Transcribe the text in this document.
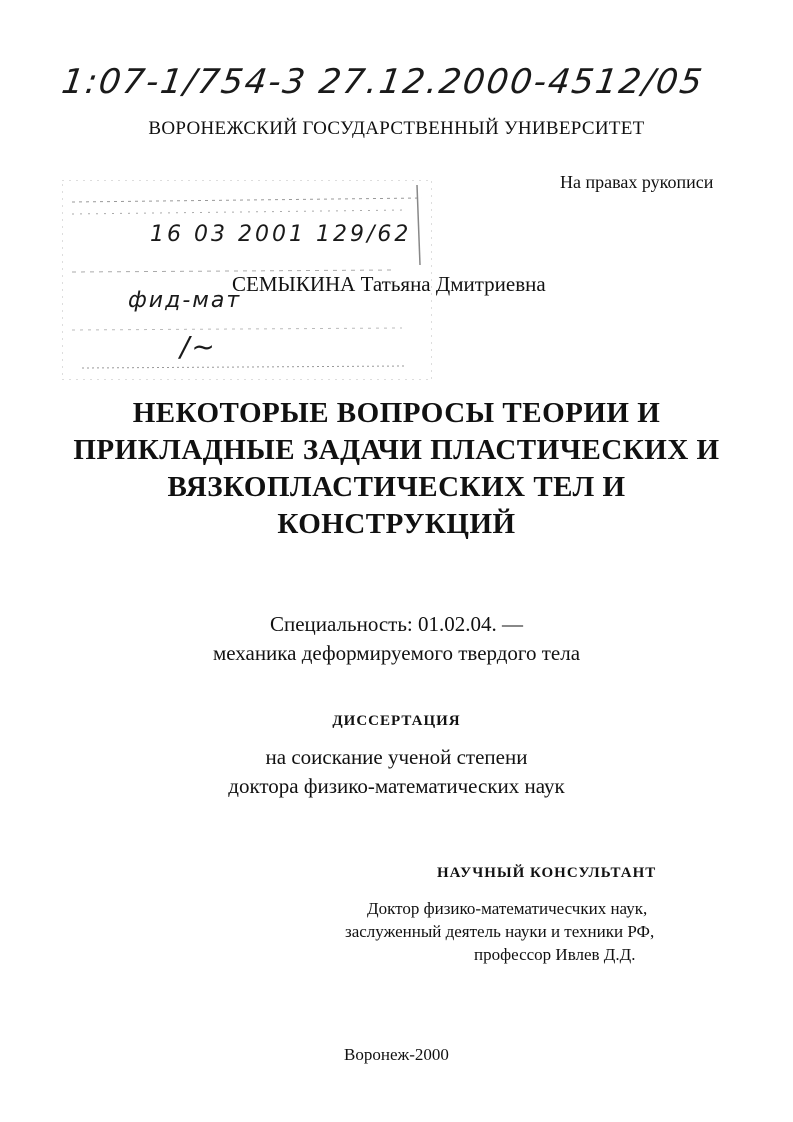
1:07-1/754-3 27.12.2000-4512/05
ВОРОНЕЖСКИЙ ГОСУДАРСТВЕННЫЙ УНИВЕРСИТЕТ
На правах рукописи
16 03 2001 129/62
фид-мат
/~
СЕМЫКИНА Татьяна Дмитриевна
НЕКОТОРЫЕ ВОПРОСЫ ТЕОРИИ И
ПРИКЛАДНЫЕ ЗАДАЧИ ПЛАСТИЧЕСКИХ И
ВЯЗКОПЛАСТИЧЕСКИХ ТЕЛ И
КОНСТРУКЦИЙ
Специальность: 01.02.04. —
механика деформируемого твердого тела
ДИССЕРТАЦИЯ
на соискание ученой степени
доктора физико-математических наук
НАУЧНЫЙ КОНСУЛЬТАНТ
Доктор физико-математичесчких наук,
заслуженный деятель науки и техники РФ,
профессор Ивлев Д.Д.
Воронеж-2000
